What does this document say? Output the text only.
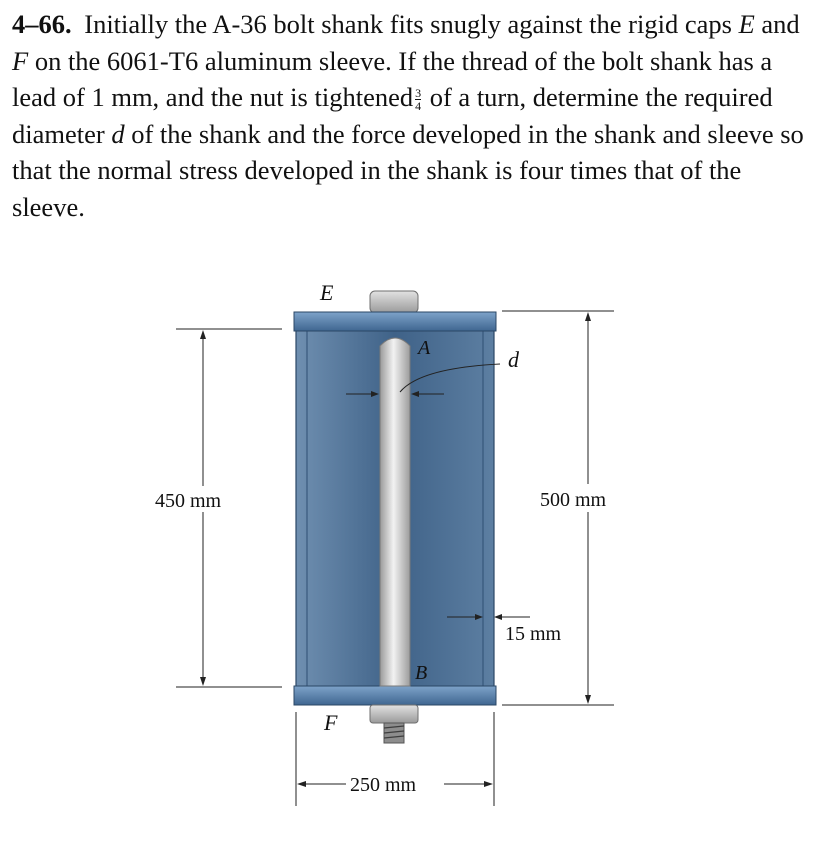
4–66. Initially the A-36 bolt shank fits snugly against the rigid caps E and F on the 6061-T6 aluminum sleeve. If the thread of the bolt shank has a lead of 1 mm, and the nut is tightened $\frac{3}{4}$ of a turn, determine the required diameter d of the shank and the force developed in the shank and sleeve so that the normal stress developed in the shank is four times that of the sleeve.

E
F
A
B
d
450 mm	500 mm
15 mm
250 mm
